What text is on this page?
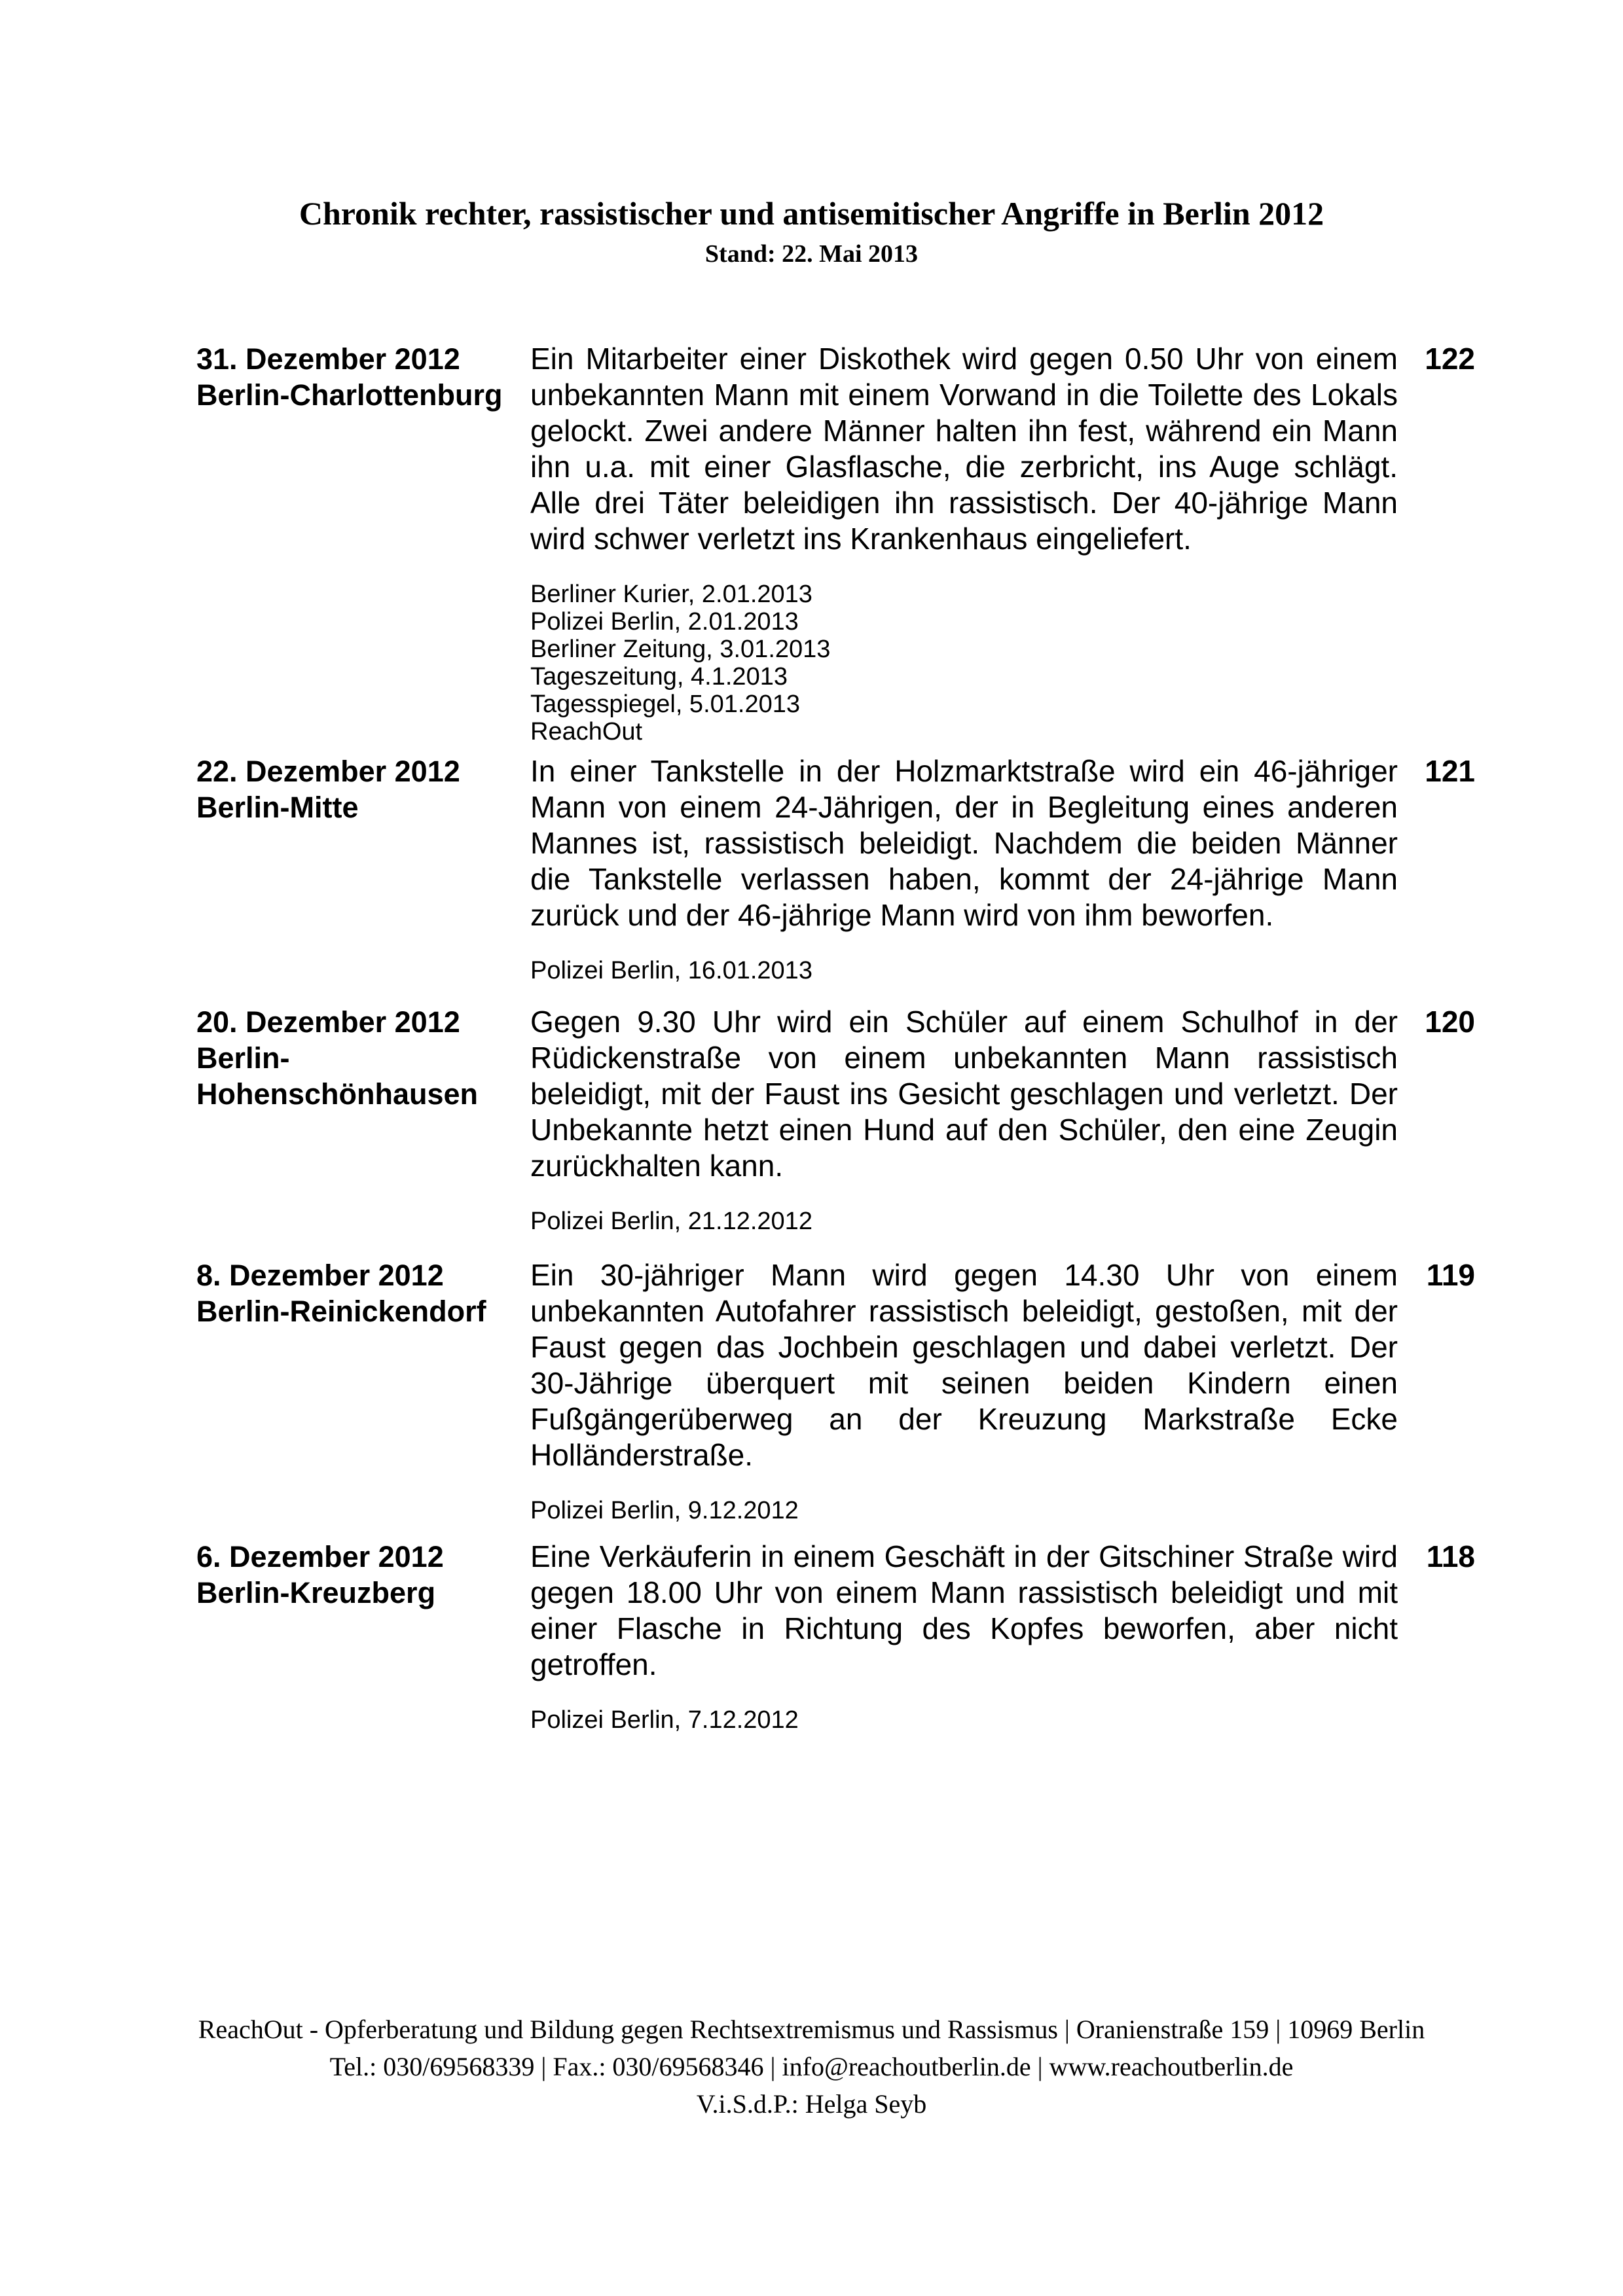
Chronik rechter, rassistischer und antisemitischer Angriffe in Berlin 2012
Stand: 22. Mai 2013
31. Dezember 2012
Berlin-Charlottenburg

Ein Mitarbeiter einer Diskothek wird gegen 0.50 Uhr von einem unbekannten Mann mit einem Vorwand in die Toilette des Lokals gelockt. Zwei andere Männer halten ihn fest, während ein Mann ihn u.a. mit einer Glasflasche, die zerbricht, ins Auge schlägt. Alle drei Täter beleidigen ihn rassistisch. Der 40-jährige Mann wird schwer verletzt ins Krankenhaus eingeliefert.

Berliner Kurier, 2.01.2013
Polizei Berlin, 2.01.2013
Berliner Zeitung, 3.01.2013
Tageszeitung, 4.1.2013
Tagesspiegel, 5.01.2013
ReachOut
122
22. Dezember 2012
Berlin-Mitte

In einer Tankstelle in der Holzmarktstraße wird ein 46-jähriger Mann von einem 24-Jährigen, der in Begleitung eines anderen Mannes ist, rassistisch beleidigt. Nachdem die beiden Männer die Tankstelle verlassen haben, kommt der 24-jährige Mann zurück und der 46-jährige Mann wird von ihm beworfen.

Polizei Berlin, 16.01.2013
121
20. Dezember 2012
Berlin-Hohenschönhausen

Gegen 9.30 Uhr wird ein Schüler auf einem Schulhof in der Rüdickenstraße von einem unbekannten Mann rassistisch beleidigt, mit der Faust ins Gesicht geschlagen und verletzt. Der Unbekannte hetzt einen Hund auf den Schüler, den eine Zeugin zurückhalten kann.

Polizei Berlin, 21.12.2012
120
8. Dezember 2012
Berlin-Reinickendorf

Ein 30-jähriger Mann wird gegen 14.30 Uhr von einem unbekannten Autofahrer rassistisch beleidigt, gestoßen, mit der Faust gegen das Jochbein geschlagen und dabei verletzt. Der 30-Jährige überquert mit seinen beiden Kindern einen Fußgängerüberweg an der Kreuzung Markstraße Ecke Holländerstraße.

Polizei Berlin, 9.12.2012
119
6. Dezember 2012
Berlin-Kreuzberg

Eine Verkäuferin in einem Geschäft in der Gitschiner Straße wird gegen 18.00 Uhr von einem Mann rassistisch beleidigt und mit einer Flasche in Richtung des Kopfes beworfen, aber nicht getroffen.

Polizei Berlin, 7.12.2012
118
ReachOut - Opferberatung und Bildung gegen Rechtsextremismus und Rassismus | Oranienstraße 159 | 10969 Berlin
Tel.: 030/69568339 | Fax.: 030/69568346 | info@reachoutberlin.de | www.reachoutberlin.de
V.i.S.d.P.: Helga Seyb
